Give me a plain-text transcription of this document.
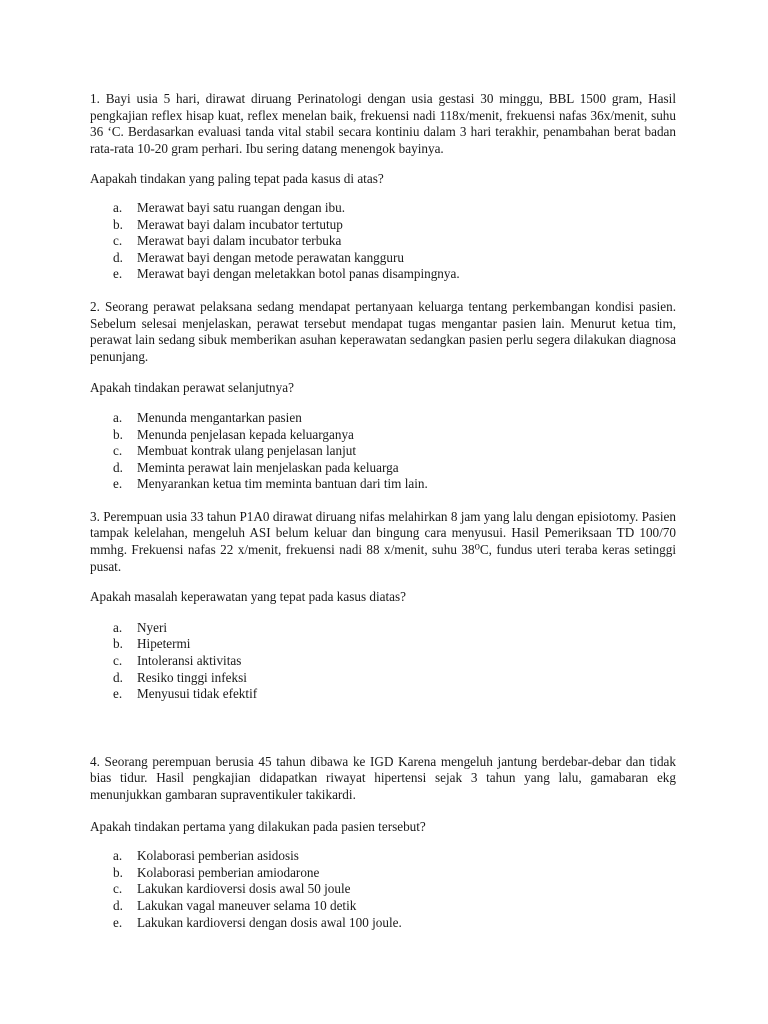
1. Bayi usia 5 hari, dirawat diruang Perinatologi dengan usia gestasi 30 minggu, BBL 1500 gram, Hasil pengkajian reflex hisap kuat, reflex menelan baik, frekuensi nadi 118x/menit, frekuensi nafas 36x/menit, suhu 36 ‘C. Berdasarkan evaluasi tanda vital stabil secara kontiniu dalam 3 hari terakhir, penambahan berat badan rata-rata 10-20 gram perhari. Ibu sering datang menengok bayinya.

Aapakah tindakan yang paling tepat pada kasus di atas?

a. Merawat bayi satu ruangan dengan ibu.
b. Merawat bayi dalam incubator tertutup
c. Merawat bayi dalam incubator terbuka
d. Merawat bayi dengan metode perawatan kangguru
e. Merawat bayi dengan meletakkan botol panas disampingnya.

2. Seorang perawat pelaksana sedang mendapat pertanyaan keluarga tentang perkembangan kondisi pasien. Sebelum selesai menjelaskan, perawat tersebut mendapat tugas mengantar pasien lain. Menurut ketua tim, perawat lain sedang sibuk memberikan asuhan keperawatan sedangkan pasien perlu segera dilakukan diagnosa penunjang.

Apakah tindakan perawat selanjutnya?

a. Menunda mengantarkan pasien
b. Menunda penjelasan kepada keluarganya
c. Membuat kontrak ulang penjelasan lanjut
d. Meminta perawat lain menjelaskan pada keluarga
e. Menyarankan ketua tim meminta bantuan dari tim lain.

3. Perempuan usia 33 tahun P1A0 dirawat diruang nifas melahirkan 8 jam yang lalu dengan episiotomy. Pasien tampak kelelahan, mengeluh ASI belum keluar dan bingung cara menyusui. Hasil Pemeriksaan TD 100/70 mmhg. Frekuensi nafas 22 x/menit, frekuensi nadi 88 x/menit, suhu 38⁰C, fundus uteri teraba keras setinggi pusat.

Apakah masalah keperawatan yang tepat pada kasus diatas?

a. Nyeri
b. Hipetermi
c. Intoleransi aktivitas
d. Resiko tinggi infeksi
e. Menyusui tidak efektif

4. Seorang perempuan berusia 45 tahun dibawa ke IGD Karena mengeluh jantung berdebar-debar dan tidak bias tidur. Hasil pengkajian didapatkan riwayat hipertensi sejak 3 tahun yang lalu, gamabaran ekg menunjukkan gambaran supraventikuler takikardi.

Apakah tindakan pertama yang dilakukan pada pasien tersebut?

a. Kolaborasi pemberian asidosis
b. Kolaborasi pemberian amiodarone
c. Lakukan kardioversi dosis awal 50 joule
d. Lakukan vagal maneuver selama 10 detik
e. Lakukan kardioversi dengan dosis awal 100 joule.
